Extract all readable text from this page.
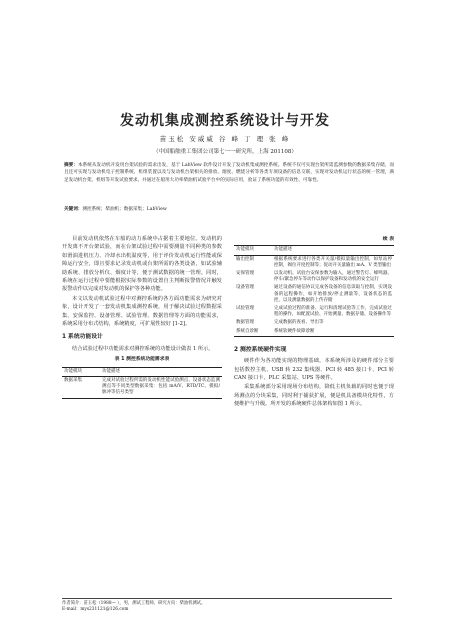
发动机集成测控系统设计与开发
苗玉松 安威威 谷 峰 丁 理 张 峰
（中国船舶重工集团公司第七一一研究所，上海 201108）
摘要：本系统从发动机开发用台架试验的需求出发，基于 LabView 软件设计开发了发动机集成测控系统。系统不仅可实现台架所需监测参数的数据采集存储，而且还可实现与发动机电子控制系统、机组装置以及与发动机台架相关的排放、烟度、燃烧分析等各类专项设备的信息交联，实现对发动机运行状态的统一管理，满足发动机台架、机组等开发试验要求。并通过在船用大功率柴油机试验平台中的实际应用，验证了系统功能的有效性、可靠性。
关键词：测控系统；柴油机；数据采集；LabView

目前发动机依然在车船的动力系统中占据着主要地位。发动机的开发离不开台架试验，而在台架试验过程中需要测量不同种类的参数如滑油进机压力、冷却水出机温度等，用于评价发动机运行性能或保障运行安全，即且要求记录发动机或台架所需的各类设备，如试验辅助系统、排放分析仪、烟度计等，便于测试数据的统一管理。同时，系统在运行过程中要能根据实际参数的设置自主判断报警情况并触发报警动作以完成对发动机的保护等各种功能。

本文以发动机试验过程中对测控系统的各方面功能需求为研究对象，设计开发了一套发动机集成测控系统，用于解决试验过程数据采集、安保监控、设备管理、试验管理、数据管理等方面的功能需求，系统采用分布式结构，系统精度，可扩展性较好 [1-2]。

1 系统功能设计

结合试验过程中功能需求对测控系统的功能设计做表 1 所示。

表 1 测控系统功能需求表
功能模块	功能描述
数据采集	完成对试验过程所需的发动机性能试验测点、设备状态监测测点等不同类型数据采集：包括 mA/V、RTD/TC、模拟/脉冲等信号类型
续 表
功能模块	功能描述
输出控制	根据系统要求进行各类开关量/模拟量输出控制，如泵站停控制，阀位开度控制等；促动开关量输出 mA、V 类型输出
安保管理	以发动机、试验台安保参数为输入，通过警告灯、蜂鸣器、停车/紧急停车等动作以保护设备和发动机的安全运行
设备管理	通过设备的通信协议完成各设备的信息读取与控制，实现设备的远程操作，如开始排放/停止测量等，设备状态的监控，以及测量数据的上传存储
试验管理	完成试验过程的准备、运行和清理试验等工作，完成试验过程的操作，如配置试验、开始测量、数据存储、设备操作等
数据管理	完成数据的查看、导出等
系统自诊断	系统软硬件故障诊断
2 测控系统硬件实现

硬件作为各功能实现的物理基础，本系统所涉及的硬件部分主要包括数控主机、USB 转 232 集线器、PCI 转 485 接口卡、PCI 转 CAN 接口卡、PLC 采集站、UPS 等硬件。

采集系统部分采用现场分布结构，降低主机负载的同时也便于现场测点的分块采集，同时利于捕获扩展，便是机具备模块化特性，方便维护与升级。所开发的系统硬件总体架构如图 1 所示。

作者简介：苗玉松（1988— ），男，测试工程师，研究方向：柴油机测试。
E-mail：mys231121@126.com
